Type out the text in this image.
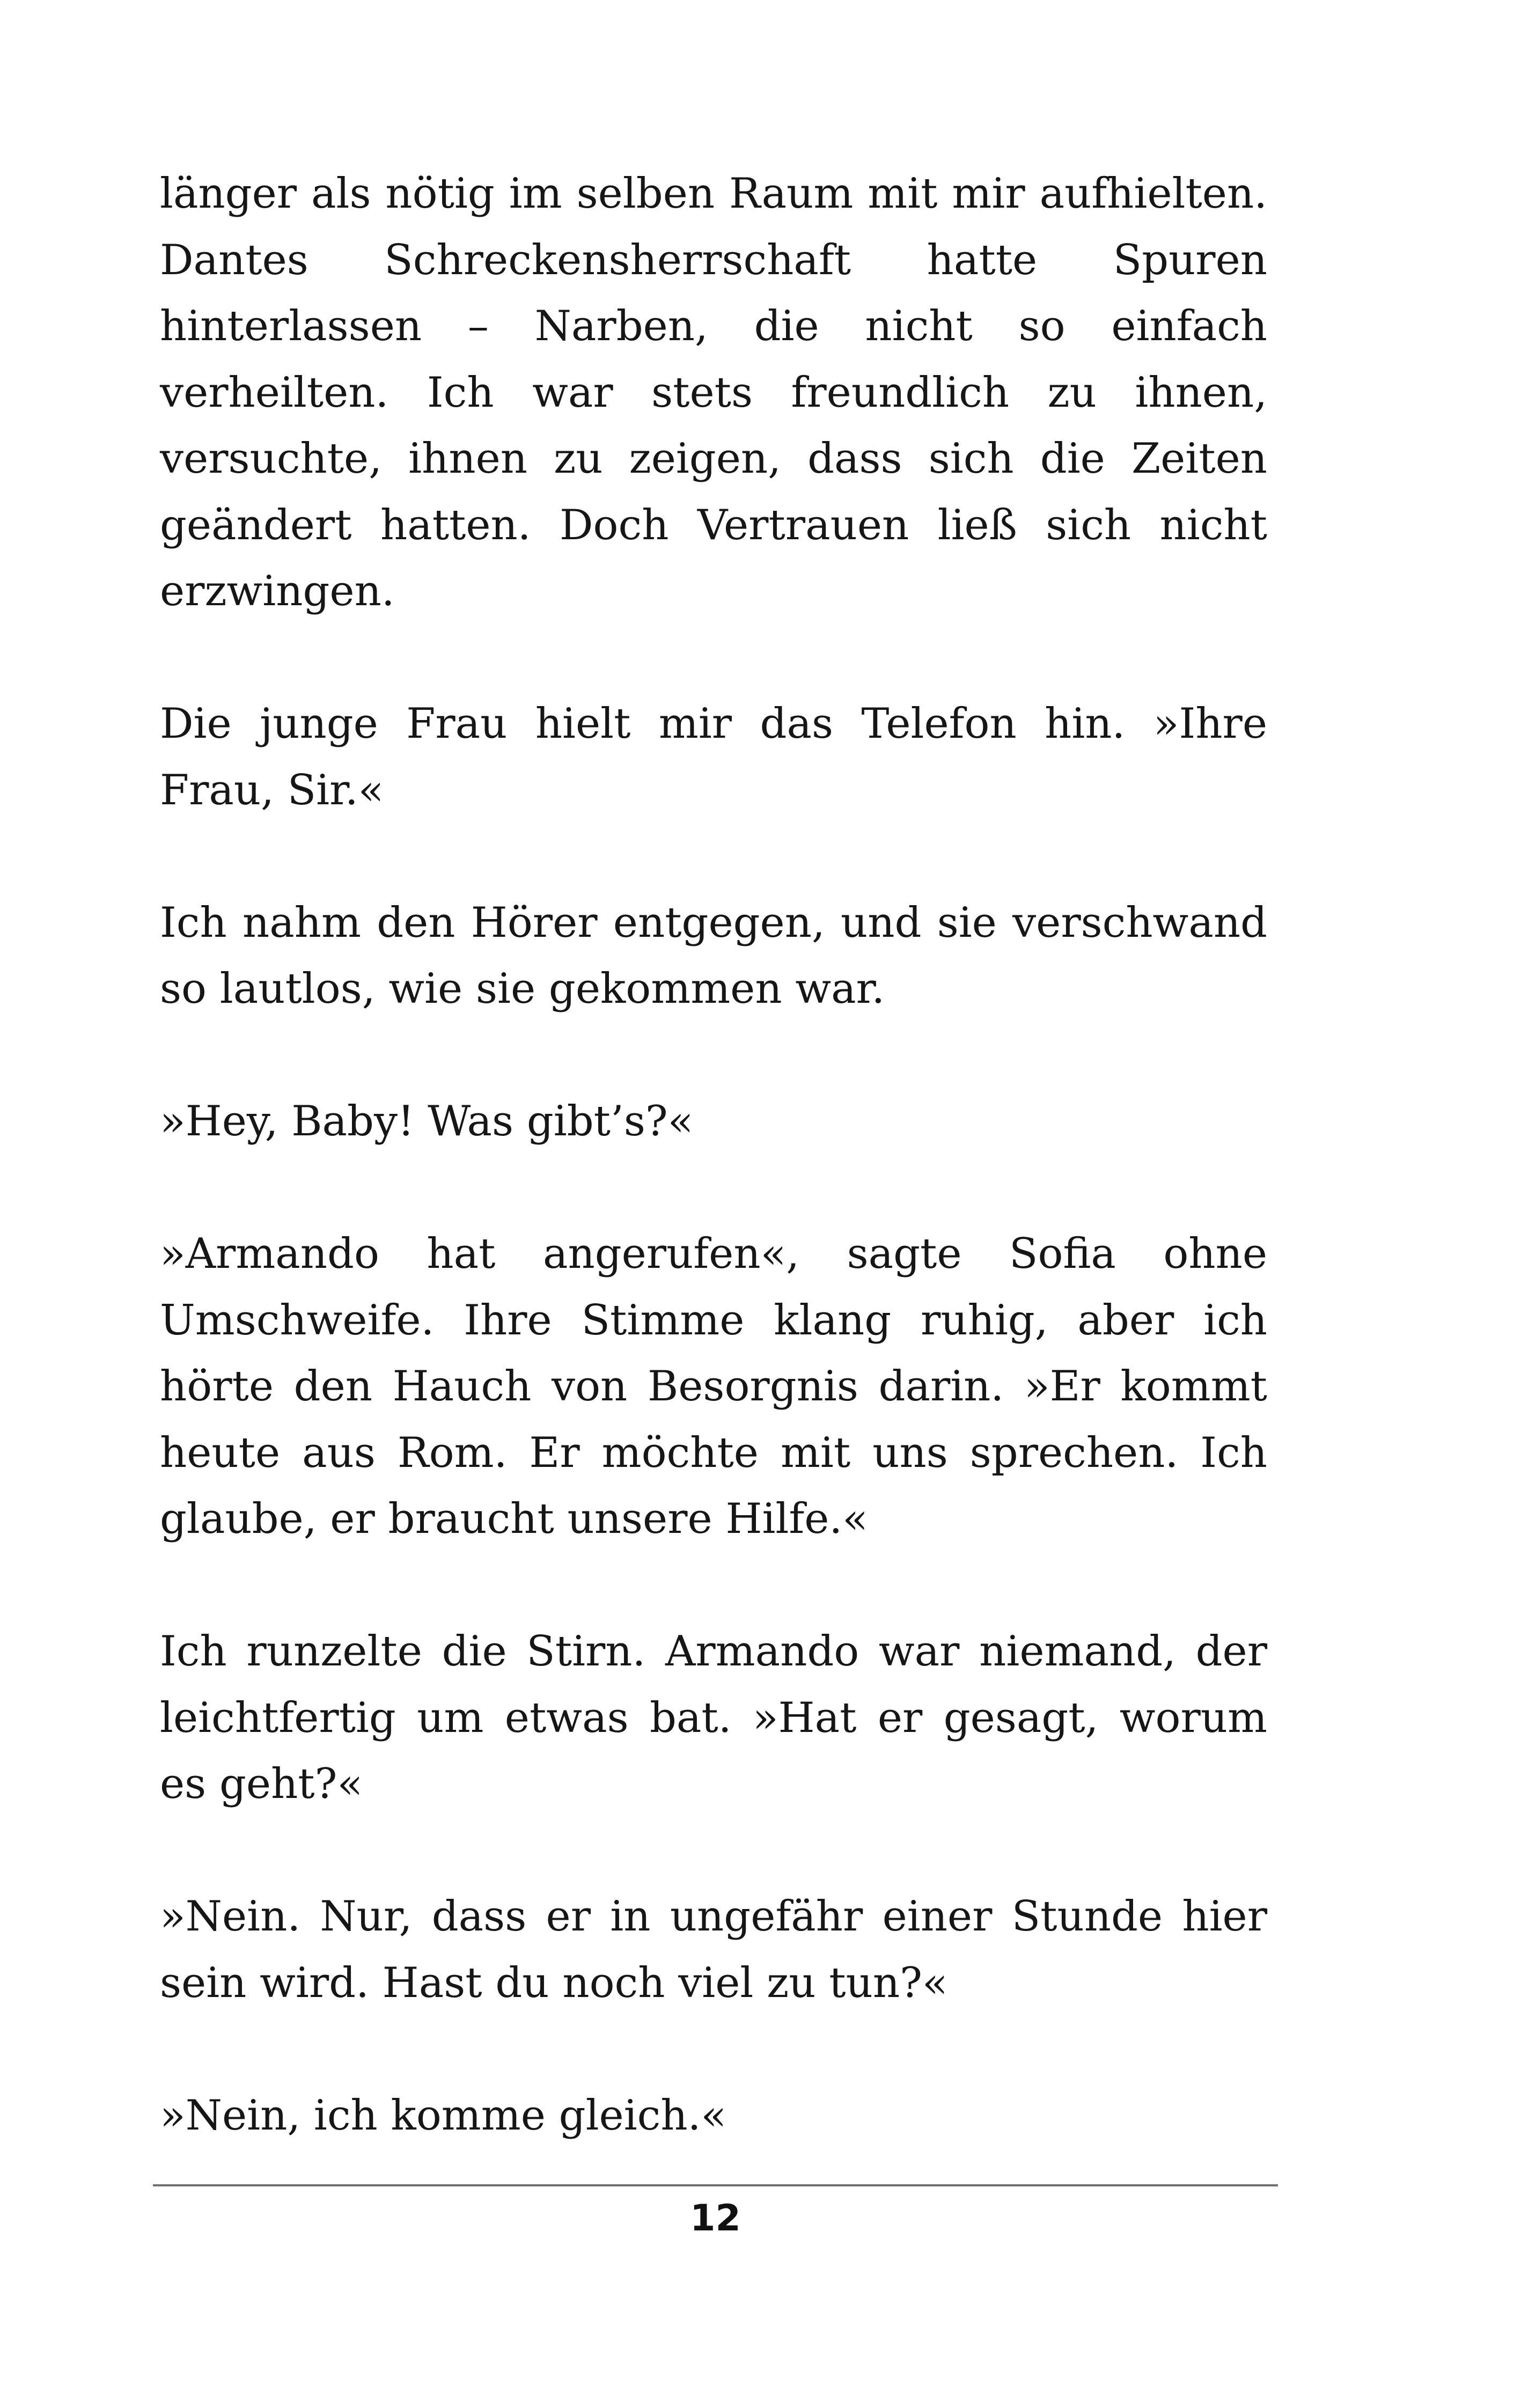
länger als nötig im selben Raum mit mir aufhielten. Dantes Schreckensherrschaft hatte Spuren hinterlassen – Narben, die nicht so einfach verheilten. Ich war stets freundlich zu ihnen, versuchte, ihnen zu zeigen, dass sich die Zeiten geändert hatten. Doch Vertrauen ließ sich nicht erzwingen.

Die junge Frau hielt mir das Telefon hin. »Ihre Frau, Sir.«

Ich nahm den Hörer entgegen, und sie verschwand so lautlos, wie sie gekommen war.

»Hey, Baby! Was gibt’s?«

»Armando hat angerufen«, sagte Sofia ohne Umschweife. Ihre Stimme klang ruhig, aber ich hörte den Hauch von Besorgnis darin. »Er kommt heute aus Rom. Er möchte mit uns sprechen. Ich glaube, er braucht unsere Hilfe.«

Ich runzelte die Stirn. Armando war niemand, der leichtfertig um etwas bat. »Hat er gesagt, worum es geht?«

»Nein. Nur, dass er in ungefähr einer Stunde hier sein wird. Hast du noch viel zu tun?«

»Nein, ich komme gleich.«

12
